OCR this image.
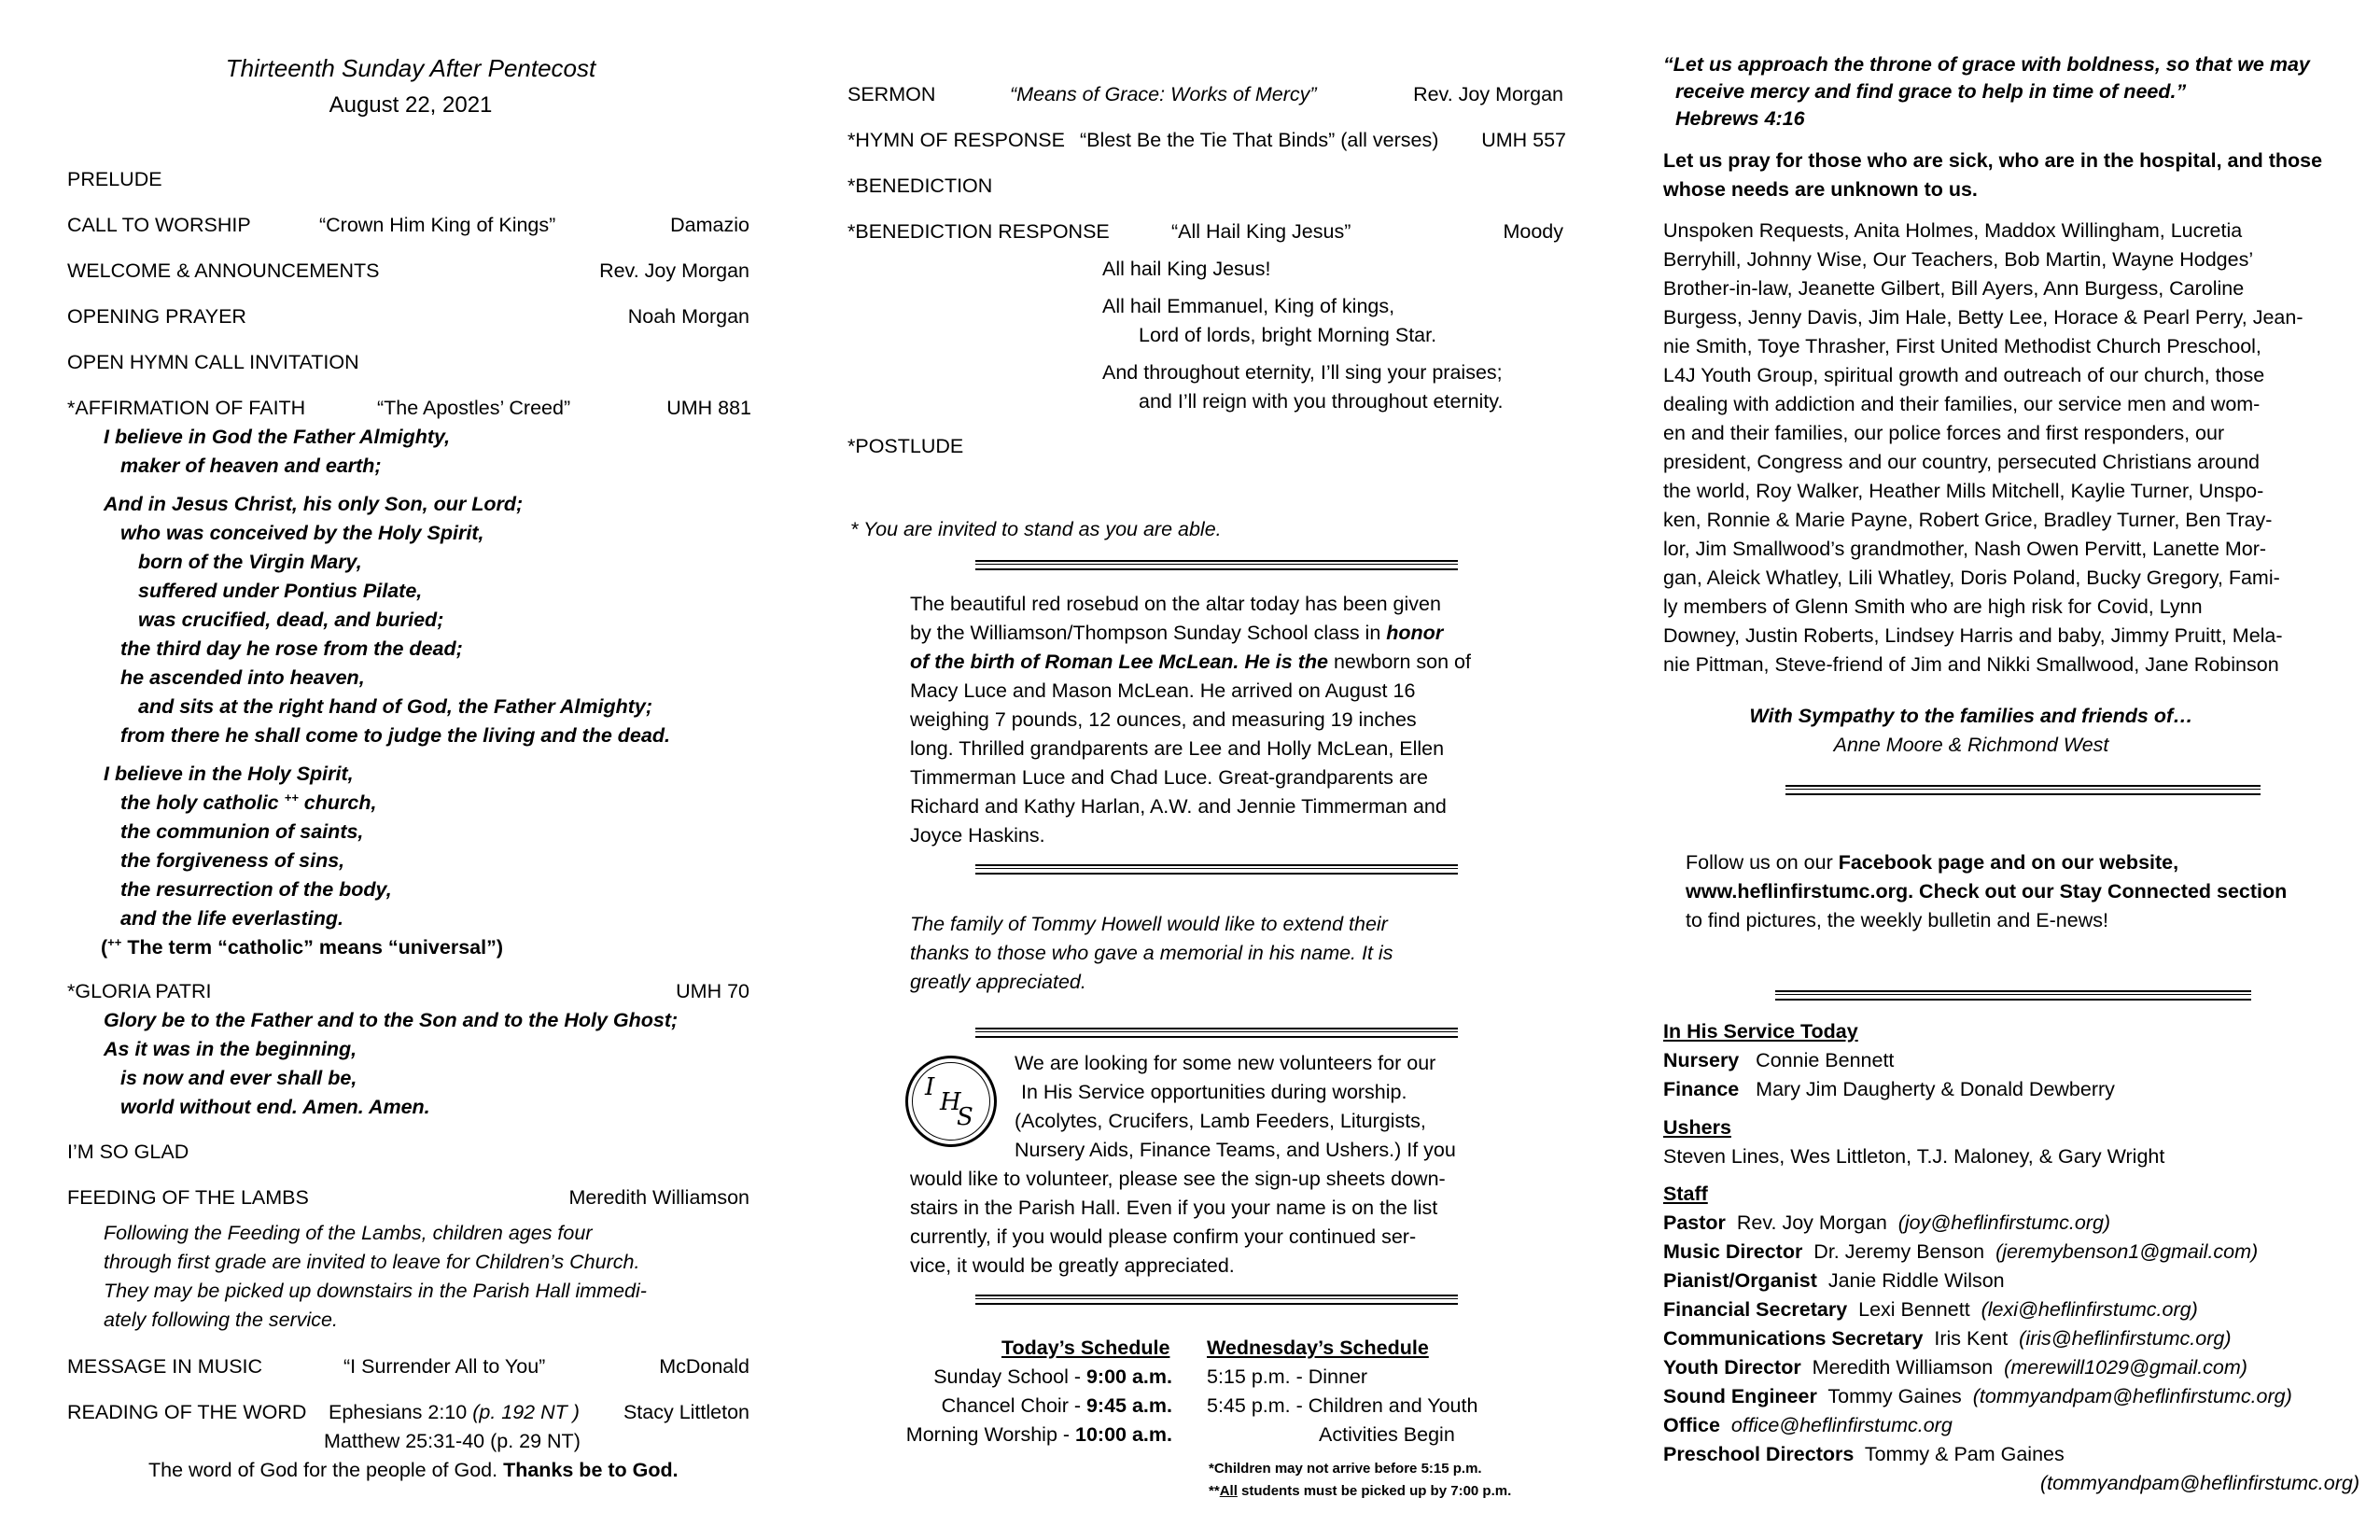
Thirteenth Sunday After Pentecost
August 22, 2021
PRELUDE
CALL TO WORSHIP	“Crown Him King of Kings”	Damazio
WELCOME & ANNOUNCEMENTS	Rev. Joy Morgan
OPENING PRAYER	Noah Morgan
OPEN HYMN CALL INVITATION
*AFFIRMATION OF FAITH	“The Apostles’ Creed”	UMH 881
I believe in God the Father Almighty,
maker of heaven and earth;
And in Jesus Christ, his only Son, our Lord;
who was conceived by the Holy Spirit,
born of the Virgin Mary,
suffered under Pontius Pilate,
was crucified, dead, and buried;
the third day he rose from the dead;
he ascended into heaven,
and sits at the right hand of God, the Father Almighty;
from there he shall come to judge the living and the dead.
I believe in the Holy Spirit,
the holy catholic ++ church,
the communion of saints,
the forgiveness of sins,
the resurrection of the body,
and the life everlasting.
(++ The term “catholic” means “universal”)
*GLORIA PATRI	UMH 70
Glory be to the Father and to the Son and to the Holy Ghost;
As it was in the beginning,
is now and ever shall be,
world without end. Amen. Amen.
I’M SO GLAD
FEEDING OF THE LAMBS	Meredith Williamson
Following the Feeding of the Lambs, children ages four
through first grade are invited to leave for Children’s Church.
They may be picked up downstairs in the Parish Hall immedi-
ately following the service.
MESSAGE IN MUSIC	“I Surrender All to You”	McDonald
READING OF THE WORD Ephesians 2:10 (p. 192 NT ) Stacy Littleton
Matthew 25:31-40 (p. 29 NT)
The word of God for the people of God. Thanks be to God.
SERMON	“Means of Grace: Works of Mercy”	Rev. Joy Morgan
*HYMN OF RESPONSE “Blest Be the Tie That Binds” (all verses) UMH 557
*BENEDICTION
*BENEDICTION RESPONSE	“All Hail King Jesus”	Moody
All hail King Jesus!
All hail Emmanuel, King of kings,
Lord of lords, bright Morning Star.
And throughout eternity, I’ll sing your praises;
and I’ll reign with you throughout eternity.
*POSTLUDE
* You are invited to stand as you are able.
The beautiful red rosebud on the altar today has been given
by the Williamson/Thompson Sunday School class in honor
of the birth of Roman Lee McLean. He is the newborn son of
Macy Luce and Mason McLean. He arrived on August 16
weighing 7 pounds, 12 ounces, and measuring 19 inches
long. Thrilled grandparents are Lee and Holly McLean, Ellen
Timmerman Luce and Chad Luce. Great-grandparents are
Richard and Kathy Harlan, A.W. and Jennie Timmerman and
Joyce Haskins.
The family of Tommy Howell would like to extend their
thanks to those who gave a memorial in his name. It is
greatly appreciated.
I
H
S
We are looking for some new volunteers for our
In His Service opportunities during worship.
(Acolytes, Crucifers, Lamb Feeders, Liturgists,
Nursery Aids, Finance Teams, and Ushers.) If you
would like to volunteer, please see the sign-up sheets down-
stairs in the Parish Hall. Even if you your name is on the list
currently, if you would please confirm your continued ser-
vice, it would be greatly appreciated.
Today’s Schedule
Sunday School - 9:00 a.m.
Chancel Choir - 9:45 a.m.
Morning Worship - 10:00 a.m.
Wednesday’s Schedule
5:15 p.m. - Dinner
5:45 p.m. - Children and Youth
Activities Begin
*Children may not arrive before 5:15 p.m.
**All students must be picked up by 7:00 p.m.
“Let us approach the throne of grace with boldness, so that we may
receive mercy and find grace to help in time of need.”
Hebrews 4:16
Let us pray for those who are sick, who are in the hospital, and those
whose needs are unknown to us.
Unspoken Requests, Anita Holmes, Maddox Willingham, Lucretia
Berryhill, Johnny Wise, Our Teachers, Bob Martin, Wayne Hodges’
Brother-in-law, Jeanette Gilbert, Bill Ayers, Ann Burgess, Caroline
Burgess, Jenny Davis, Jim Hale, Betty Lee, Horace & Pearl Perry, Jean-
nie Smith, Toye Thrasher, First United Methodist Church Preschool,
L4J Youth Group, spiritual growth and outreach of our church, those
dealing with addiction and their families, our service men and wom-
en and their families, our police forces and first responders, our
president, Congress and our country, persecuted Christians around
the world, Roy Walker, Heather Mills Mitchell, Kaylie Turner, Unspo-
ken, Ronnie & Marie Payne, Robert Grice, Bradley Turner, Ben Tray-
lor, Jim Smallwood’s grandmother, Nash Owen Pervitt, Lanette Mor-
gan, Aleick Whatley, Lili Whatley, Doris Poland, Bucky Gregory, Fami-
ly members of Glenn Smith who are high risk for Covid, Lynn
Downey, Justin Roberts, Lindsey Harris and baby, Jimmy Pruitt, Mela-
nie Pittman, Steve-friend of Jim and Nikki Smallwood, Jane Robinson
With Sympathy to the families and friends of…
Anne Moore & Richmond West
Follow us on our Facebook page and on our website,
www.heflinfirstumc.org. Check out our Stay Connected section
to find pictures, the weekly bulletin and E-news!
In His Service Today
Nursery   Connie Bennett
Finance   Mary Jim Daugherty & Donald Dewberry
Ushers
Steven Lines, Wes Littleton, T.J. Maloney, & Gary Wright
Staff
Pastor  Rev. Joy Morgan  (joy@heflinfirstumc.org)
Music Director  Dr. Jeremy Benson  (jeremybenson1@gmail.com)
Pianist/Organist  Janie Riddle Wilson
Financial Secretary  Lexi Bennett  (lexi@heflinfirstumc.org)
Communications Secretary  Iris Kent  (iris@heflinfirstumc.org)
Youth Director  Meredith Williamson  (merewill1029@gmail.com)
Sound Engineer  Tommy Gaines  (tommyandpam@heflinfirstumc.org)
Office office@heflinfirstumc.org
Preschool Directors  Tommy & Pam Gaines
(tommyandpam@heflinfirstumc.org)
